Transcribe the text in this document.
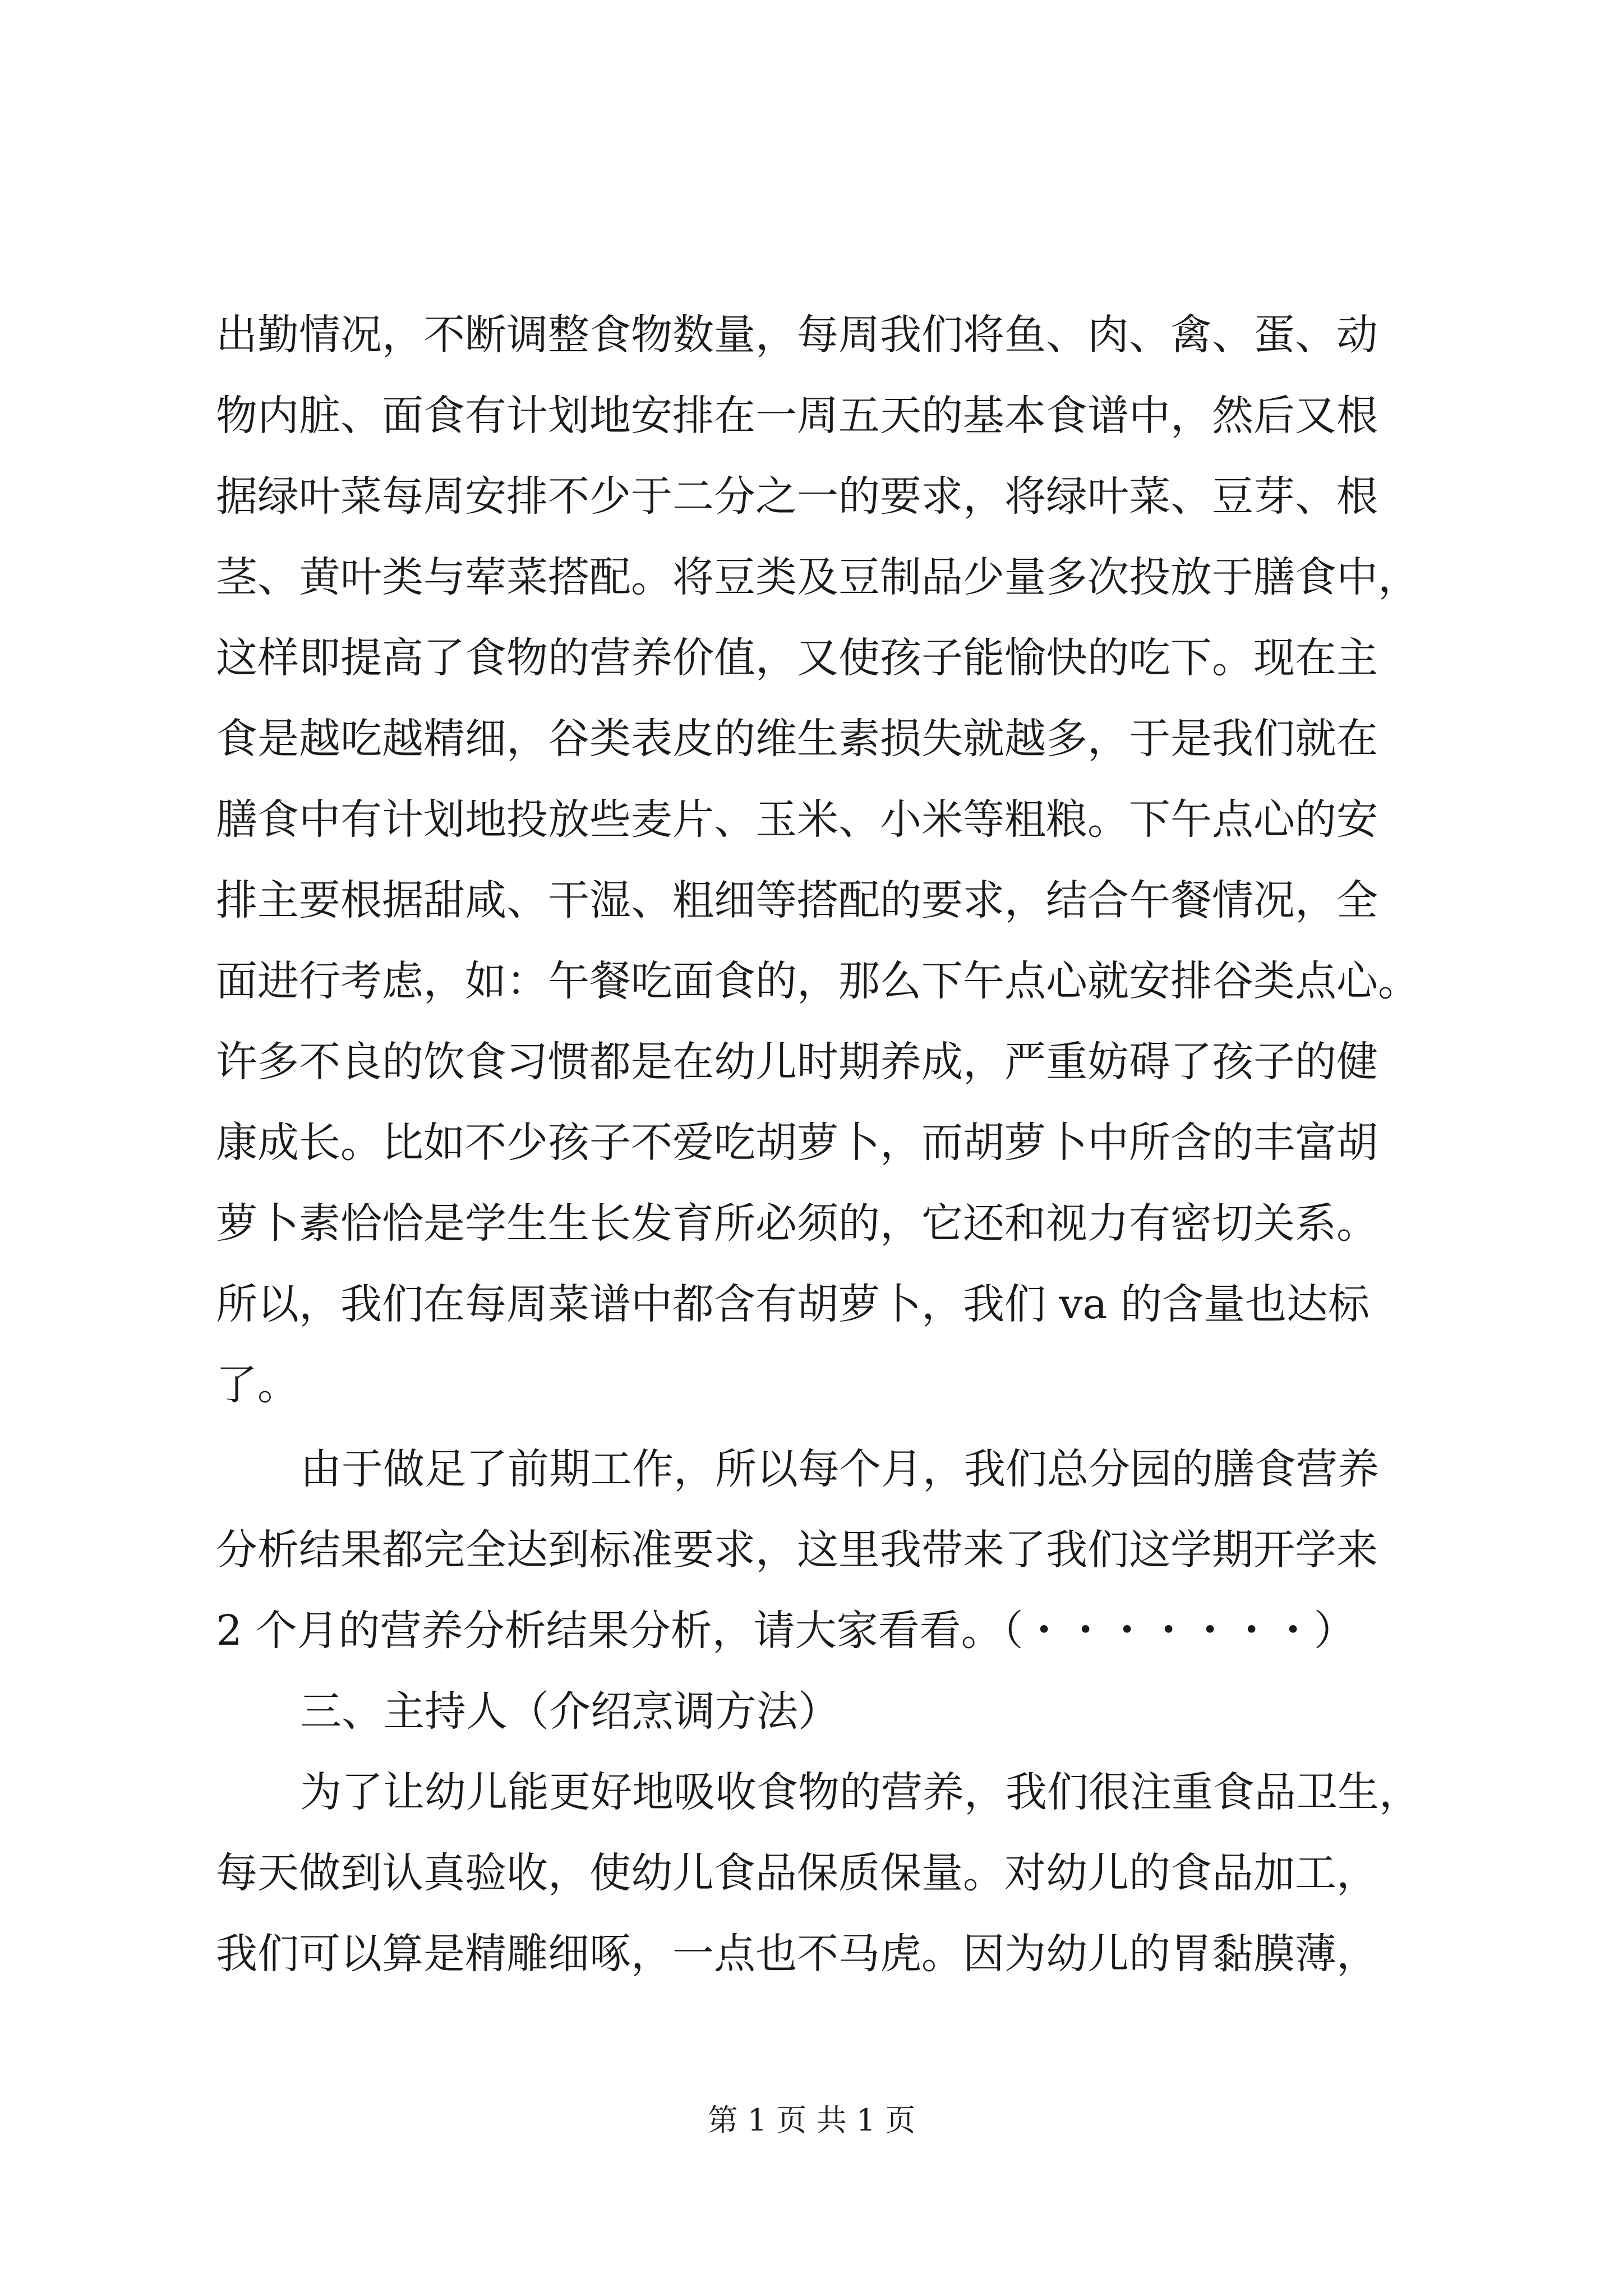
出勤情况，不断调整食物数量，每周我们将鱼、肉、禽、蛋、动
物内脏、面食有计划地安排在一周五天的基本食谱中，然后又根
据绿叶菜每周安排不少于二分之一的要求，将绿叶菜、豆芽、根
茎、黄叶类与荤菜搭配。将豆类及豆制品少量多次投放于膳食中，
这样即提高了食物的营养价值，又使孩子能愉快的吃下。现在主
食是越吃越精细，谷类表皮的维生素损失就越多，于是我们就在
膳食中有计划地投放些麦片、玉米、小米等粗粮。下午点心的安
排主要根据甜咸、干湿、粗细等搭配的要求，结合午餐情况，全
面进行考虑，如：午餐吃面食的，那么下午点心就安排谷类点心。
许多不良的饮食习惯都是在幼儿时期养成，严重妨碍了孩子的健
康成长。比如不少孩子不爱吃胡萝卜，而胡萝卜中所含的丰富胡
萝卜素恰恰是学生生长发育所必须的，它还和视力有密切关系。
所以，我们在每周菜谱中都含有胡萝卜，我们 va 的含量也达标
了。
由于做足了前期工作，所以每个月，我们总分园的膳食营养
分析结果都完全达到标准要求，这里我带来了我们这学期开学来
2 个月的营养分析结果分析，请大家看看。（・・・・・・・）
三、主持人（介绍烹调方法）
为了让幼儿能更好地吸收食物的营养，我们很注重食品卫生，
每天做到认真验收，使幼儿食品保质保量。对幼儿的食品加工，
我们可以算是精雕细啄，一点也不马虎。因为幼儿的胃黏膜薄，
第 1 页 共 1 页
